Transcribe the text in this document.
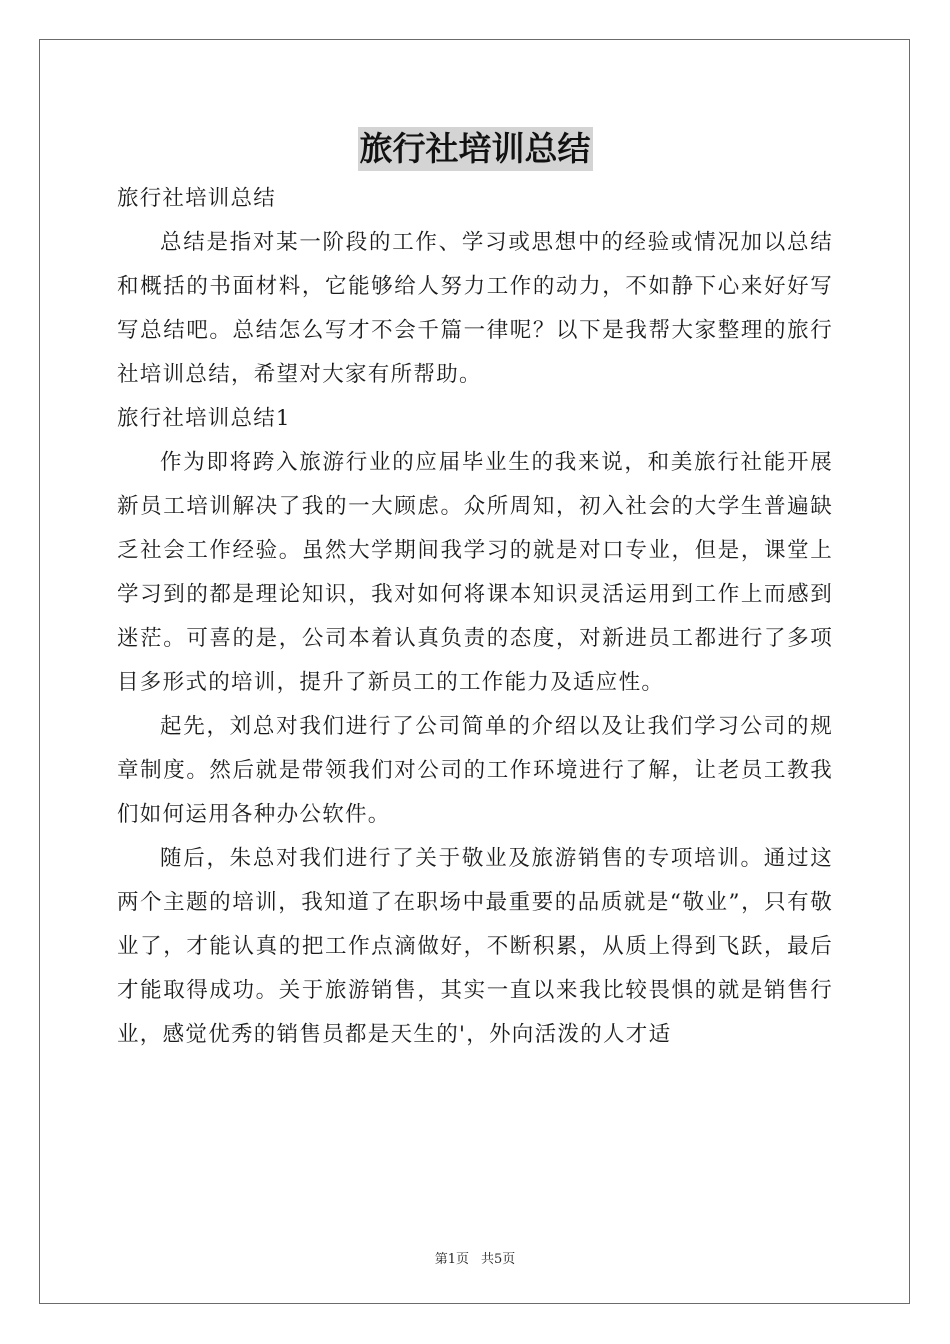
旅行社培训总结

旅行社培训总结

总结是指对某一阶段的工作、学习或思想中的经验或情况加以总结和概括的书面材料，它能够给人努力工作的动力，不如静下心来好好写写总结吧。总结怎么写才不会千篇一律呢？以下是我帮大家整理的旅行社培训总结，希望对大家有所帮助。

旅行社培训总结1

作为即将跨入旅游行业的应届毕业生的我来说，和美旅行社能开展新员工培训解决了我的一大顾虑。众所周知，初入社会的大学生普遍缺乏社会工作经验。虽然大学期间我学习的就是对口专业，但是，课堂上学习到的都是理论知识，我对如何将课本知识灵活运用到工作上而感到迷茫。可喜的是，公司本着认真负责的态度，对新进员工都进行了多项目多形式的培训，提升了新员工的工作能力及适应性。

起先，刘总对我们进行了公司简单的介绍以及让我们学习公司的规章制度。然后就是带领我们对公司的工作环境进行了解，让老员工教我们如何运用各种办公软件。

随后，朱总对我们进行了关于敬业及旅游销售的专项培训。通过这两个主题的培训，我知道了在职场中最重要的品质就是“敬业”，只有敬业了，才能认真的把工作点滴做好，不断积累，从质上得到飞跃，最后才能取得成功。关于旅游销售，其实一直以来我比较畏惧的就是销售行业，感觉优秀的销售员都是天生的'，外向活泼的人才适

第1页 共5页
